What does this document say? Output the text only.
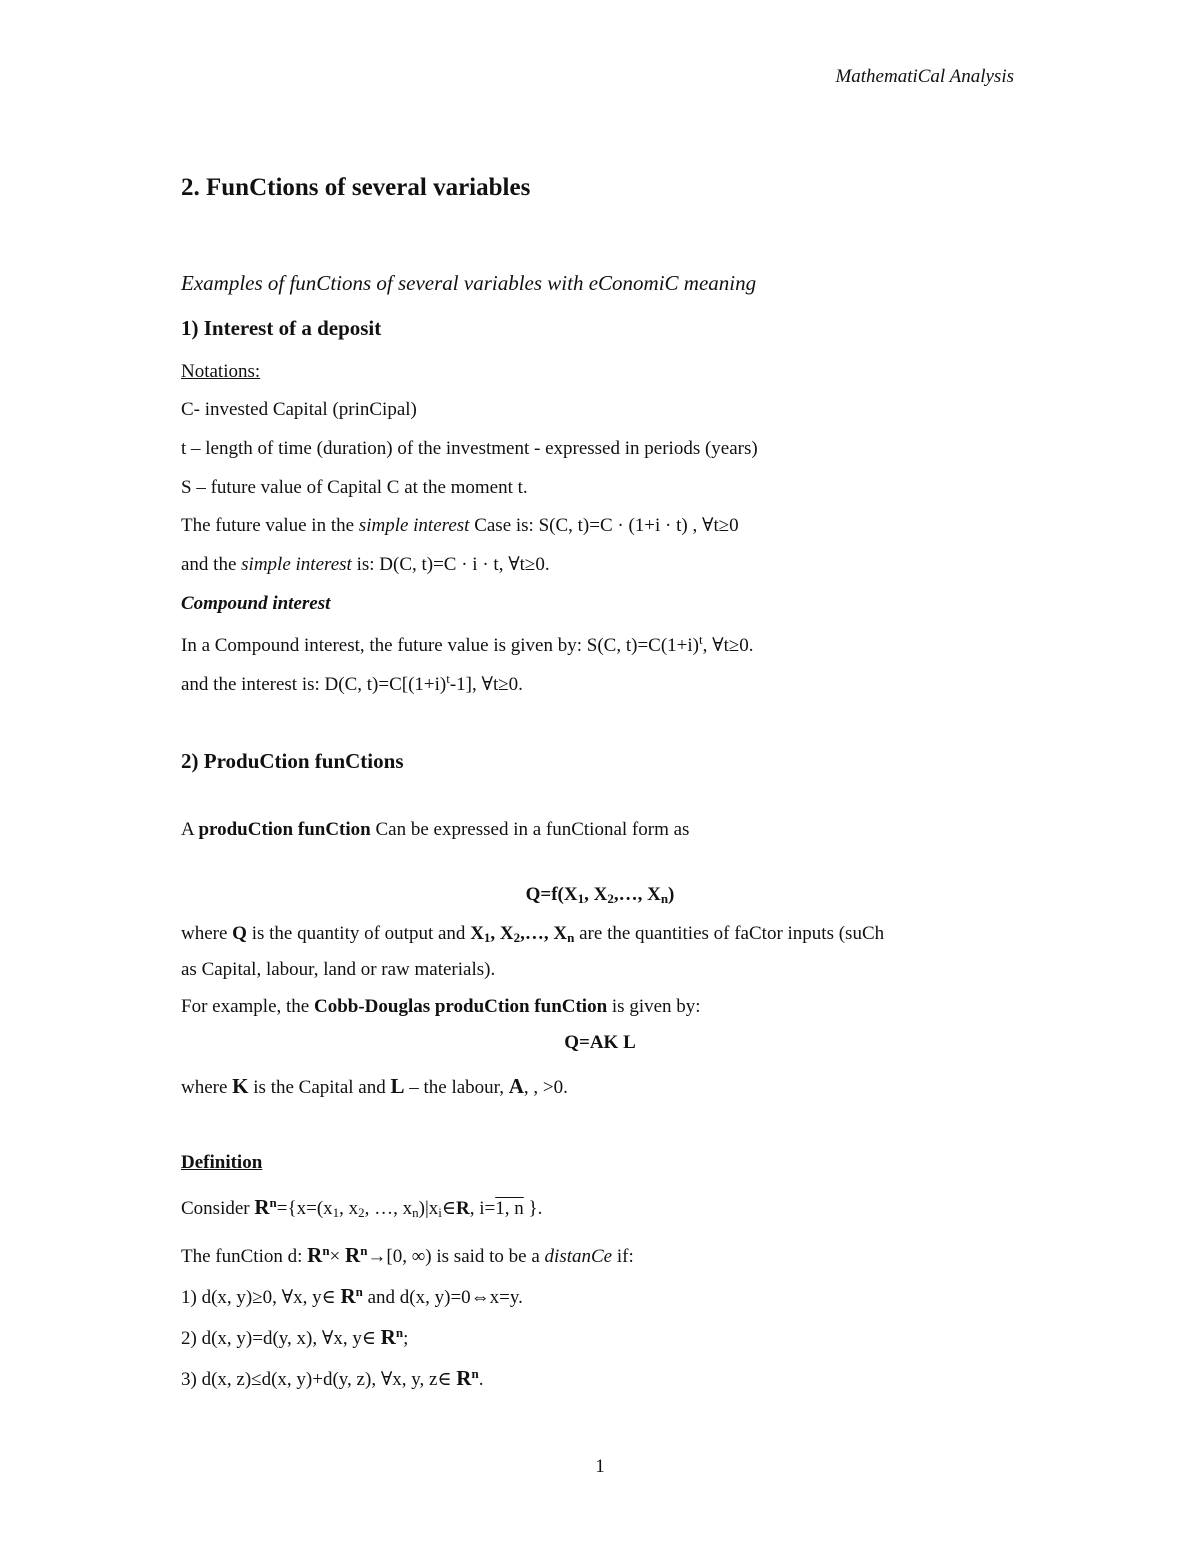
MathematiCal Analysis
2. FunCtions of several variables
Examples of funCtions of several variables with eConomiC meaning
1) Interest of a deposit
Notations:
C- invested Capital (prinCipal)
t – length of time (duration) of the investment - expressed in periods (years)
S – future value of Capital C at the moment t.
The future value in the simple interest Case is: S(C, t)=C · (1+i · t) , ∀t≥0
and the simple interest is: D(C, t)=C · i · t, ∀t≥0.
Compound interest
In a Compound interest, the future value is given by: S(C, $t)=C(1+i)^t$, ∀t≥0.
and the interest is: D(C, $t)=C[(1+i)^t-1]$, ∀t≥0.
2) ProduCtion funCtions
A produCtion funCtion Can be expressed in a funCtional form as
$Q=f(X_1$, $X_2,\dots$, $X_n$)
where Q is the quantity of output and $X_1$, $X_2,\dots$, $X_n$ are the quantities of faCtor inputs (suCh
as Capital, labour, land or raw materials).
For example, the Cobb-Douglas produCtion funCtion is given by:
Q=AK L
where K is the Capital and L – the labour, A, , >0.
Definition
Consider $R^n=\{x=(x_1$, $x_2$, …, $x_n)|x_i\in R$, i=1, n }.
The funCtion d: $R^n\times R^n\to[0$, ∞) is said to be a distanCe if:
1) d(x, y)≥0, ∀x, y∈ $R^n$ and d(x, y)=0⇔x=y.
2) d(x, y)=d(y, x), ∀x, y∈ $R^n$;
3) d(x, z)≤d(x, y)+d(y, z), ∀x, y, z∈ $R^n$.
1
